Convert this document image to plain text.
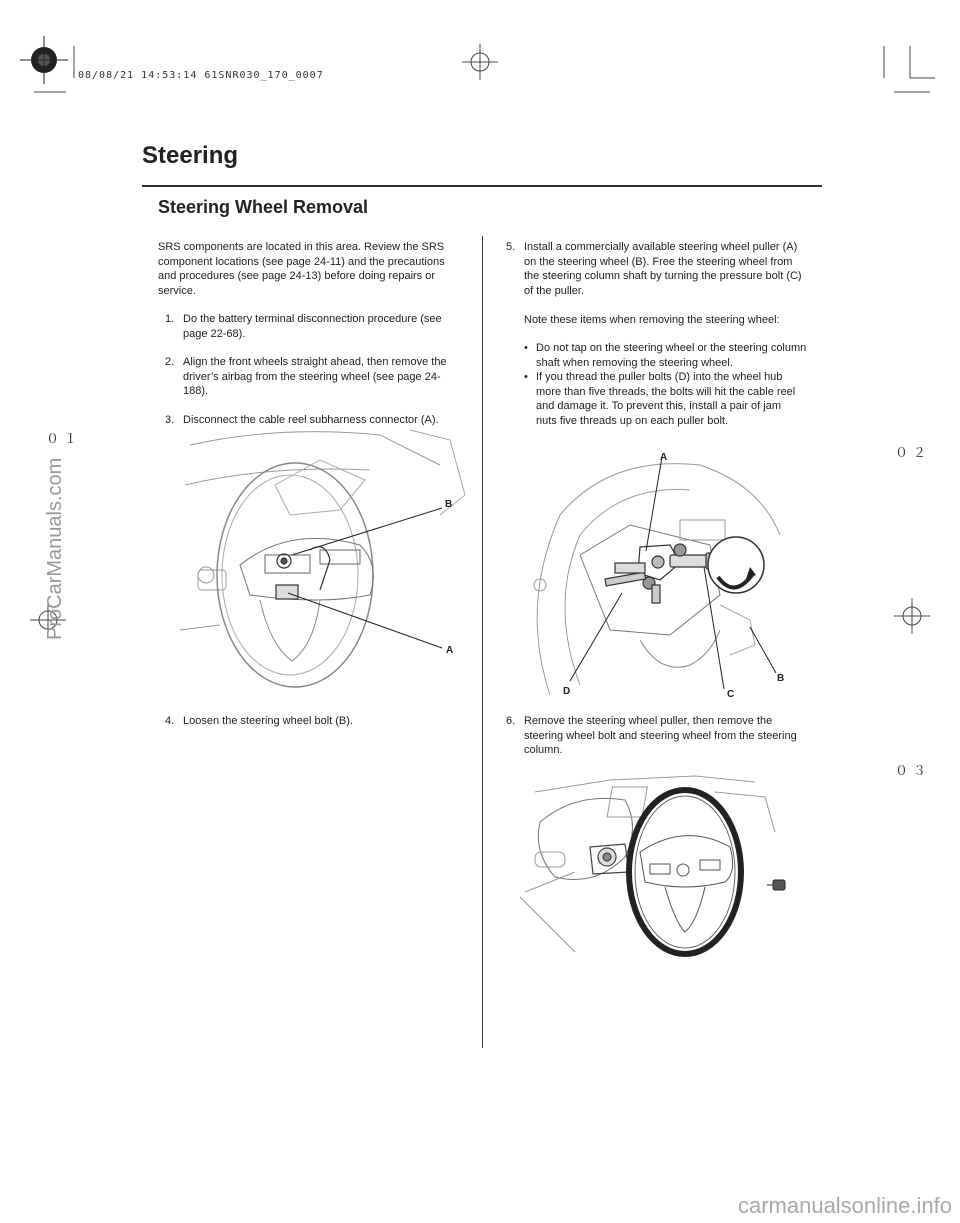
08/08/21 14:53:14 61SNR030_170_0007
Steering
Steering Wheel Removal
SRS components are located in this area. Review the SRS component locations (see page 24-11) and the precautions and procedures (see page 24-13) before doing repairs or service.
1. Do the battery terminal disconnection procedure (see page 22-68).
2. Align the front wheels straight ahead, then remove the driver’s airbag from the steering wheel (see page 24-188).
3. Disconnect the cable reel subharness connector (A).
B
A
4. Loosen the steering wheel bolt (B).
5. Install a commercially available steering wheel puller (A) on the steering wheel (B). Free the steering wheel from the steering column shaft by turning the pressure bolt (C) of the puller.
Note these items when removing the steering wheel:
• Do not tap on the steering wheel or the steering column shaft when removing the steering wheel.
• If you thread the puller bolts (D) into the wheel hub more than five threads, the bolts will hit the cable reel and damage it. To prevent this, install a pair of jam nuts five threads up on each puller bolt.
A
B
C
D
6. Remove the steering wheel puller, then remove the steering wheel bolt and steering wheel from the steering column.
０１
０２
０３
ProCarManuals.com
carmanualsonline.info
